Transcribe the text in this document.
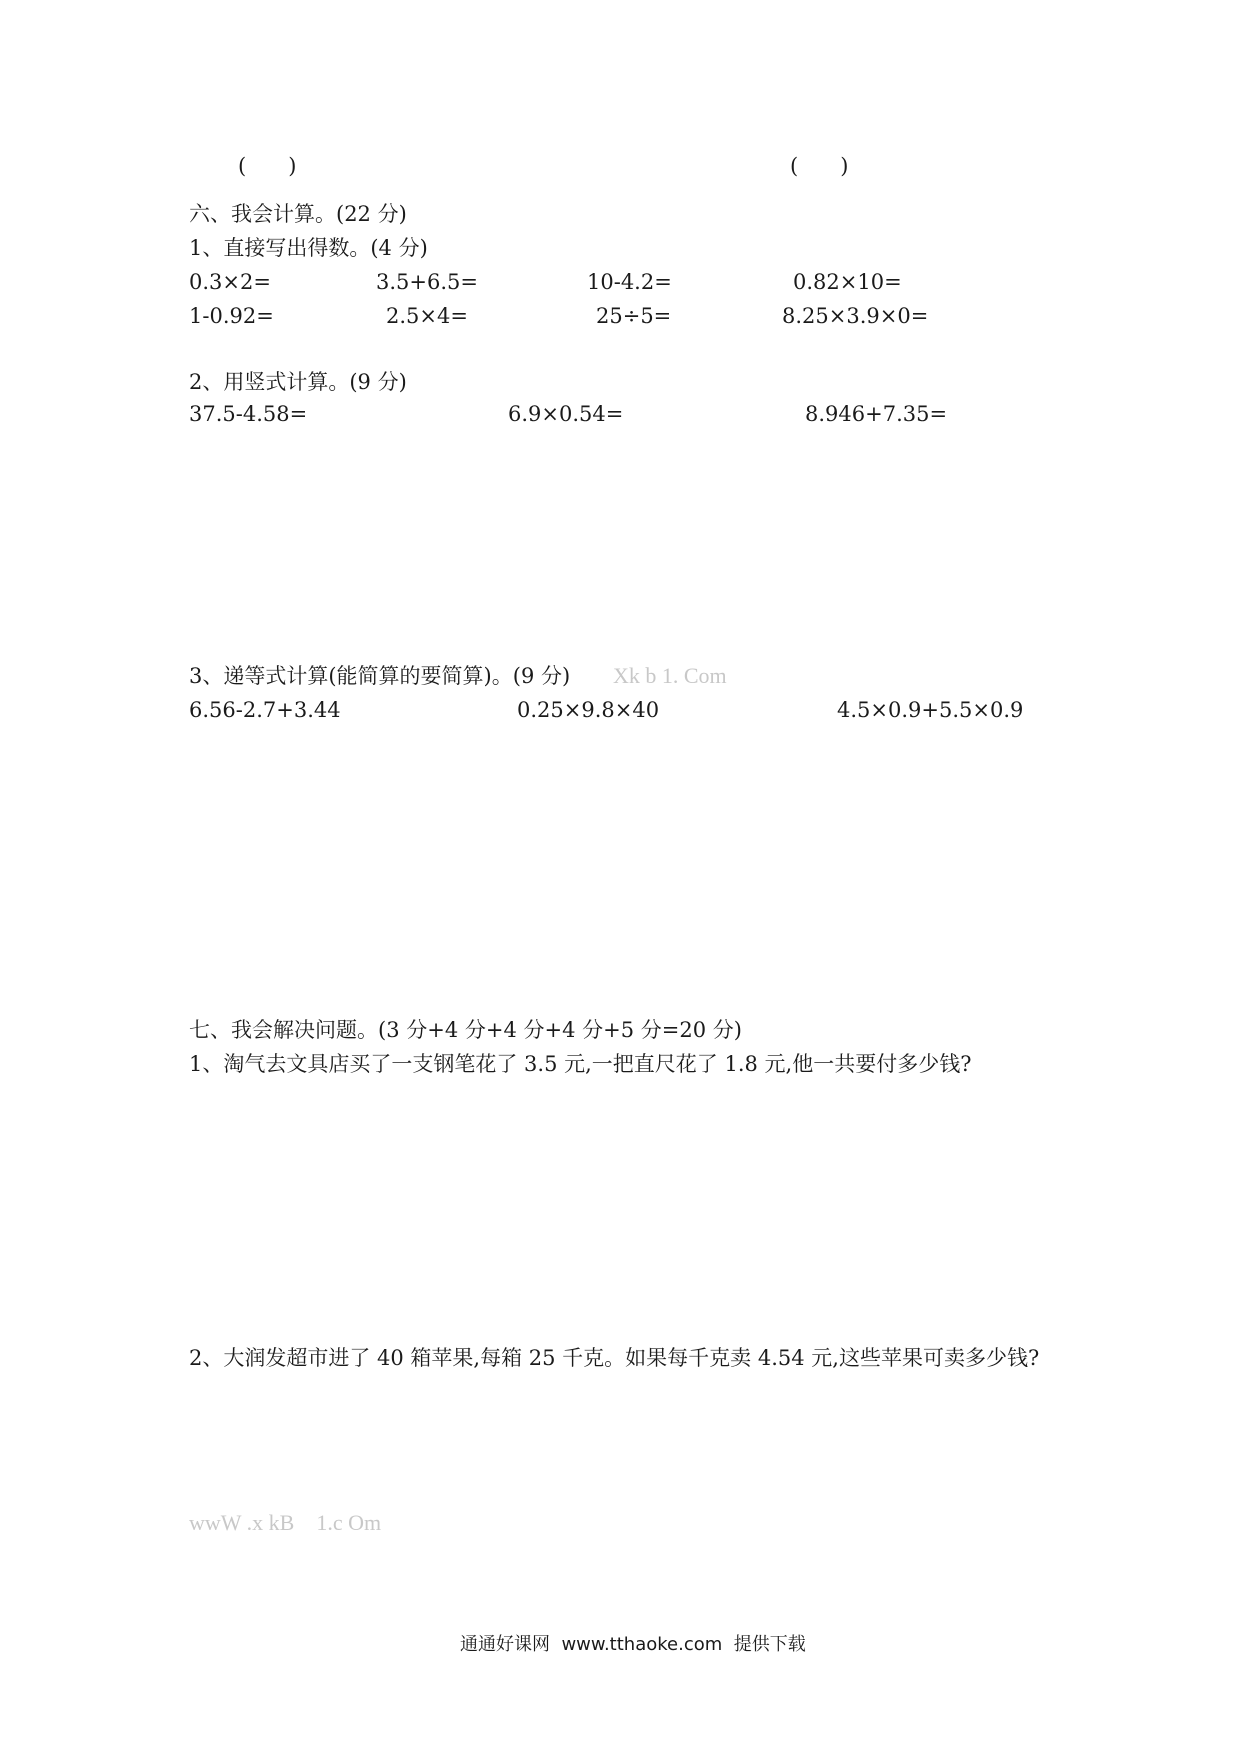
(　　)	(　　)
六、我会计算。(22 分)
1、直接写出得数。(4 分)
0.3×2=	3.5+6.5=	10-4.2=	0.82×10=
1-0.92=	2.5×4=	25÷5=	8.25×3.9×0=
2、用竖式计算。(9 分)
37.5-4.58=	6.9×0.54=	8.946+7.35=
3、递等式计算(能简算的要简算)。(9 分) Xk b 1. Com
6.56-2.7+3.44	0.25×9.8×40	4.5×0.9+5.5×0.9
七、我会解决问题。(3 分+4 分+4 分+4 分+5 分=20 分)
1、淘气去文具店买了一支钢笔花了 3.5 元,一把直尺花了 1.8 元,他一共要付多少钱?
2、大润发超市进了 40 箱苹果,每箱 25 千克。如果每千克卖 4.54 元,这些苹果可卖多少钱?
wwW .x kB    1.c Om
通通好课网  www.tthaoke.com  提供下载
